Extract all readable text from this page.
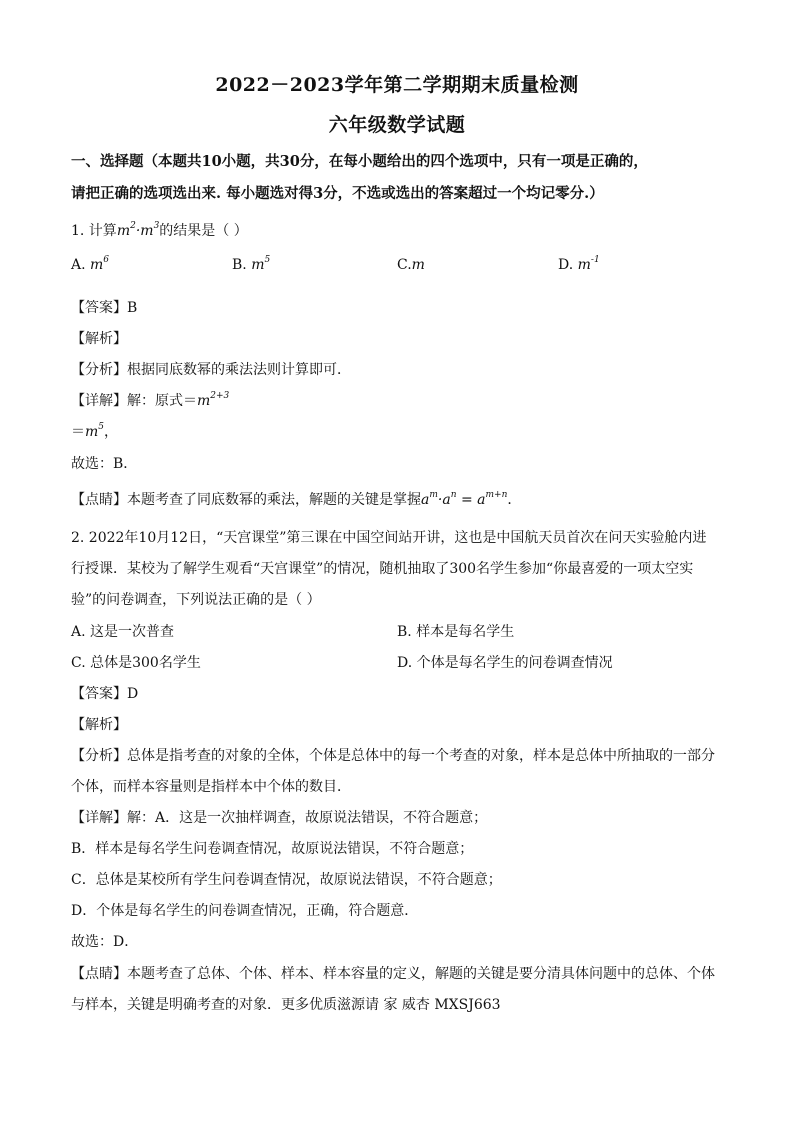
2022－2023学年第二学期期末质量检测
六年级数学试题
一、选择题（本题共10小题，共30分，在每小题给出的四个选项中，只有一项是正确的，
请把正确的选项选出来. 每小题选对得3分，不选或选出的答案超过一个均记零分.）
1. 计算$m^2\cdot m^3$的结果是（ ）
A. $m^6$	B. $m^5$	C.m	D. $m^{-1}$
【答案】B
【解析】
【分析】根据同底数幂的乘法法则计算即可．
【详解】解：原式$=m^{2+3}$
$=m^5$，
故选：B．
【点睛】本题考查了同底数幂的乘法，解题的关键是掌握$a^m\cdot a^n = a^{m+n}$．
2. 2022年10月12日，“天宫课堂”第三课在中国空间站开讲，这也是中国航天员首次在问天实验舱内进
行授课．某校为了解学生观看“天宫课堂”的情况，随机抽取了300名学生参加“你最喜爱的一项太空实
验”的问卷调查，下列说法正确的是（ ）
A. 这是一次普查	B. 样本是每名学生
C. 总体是300名学生	D. 个体是每名学生的问卷调查情况
【答案】D
【解析】
【分析】总体是指考查的对象的全体，个体是总体中的每一个考查的对象，样本是总体中所抽取的一部分
个体，而样本容量则是指样本中个体的数目．
【详解】解：A．这是一次抽样调查，故原说法错误，不符合题意；
B．样本是每名学生问卷调查情况，故原说法错误，不符合题意；
C．总体是某校所有学生问卷调查情况，故原说法错误，不符合题意；
D．个体是每名学生的问卷调查情况，正确，符合题意．
故选：D．
【点睛】本题考查了总体、个体、样本、样本容量的定义，解题的关键是要分清具体问题中的总体、个体
与样本，关键是明确考查的对象．更多优质滋源请 家 威杏 MXSJ663
